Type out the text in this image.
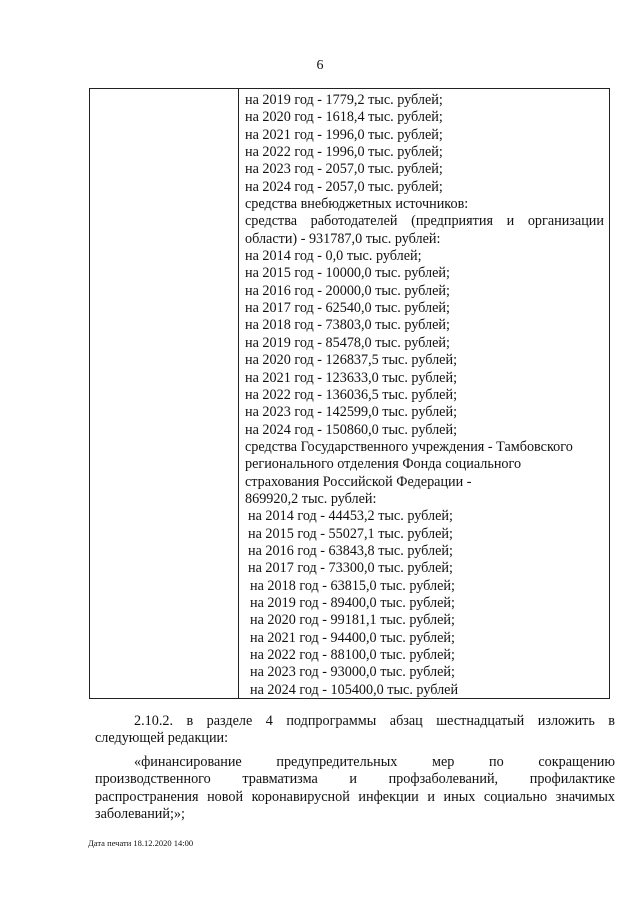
6
на 2019 год - 1779,2 тыс. рублей;
на 2020 год - 1618,4 тыс. рублей;
на 2021 год - 1996,0 тыс. рублей;
на 2022 год - 1996,0 тыс. рублей;
на 2023 год - 2057,0 тыс. рублей;
на 2024 год - 2057,0 тыс. рублей;
средства внебюджетных источников:
средства работодателей (предприятия и организации
области) - 931787,0 тыс. рублей:
на 2014 год - 0,0 тыс. рублей;
на 2015 год - 10000,0 тыс. рублей;
на 2016 год - 20000,0 тыс. рублей;
на 2017 год - 62540,0 тыс. рублей;
на 2018 год - 73803,0 тыс. рублей;
на 2019 год - 85478,0 тыс. рублей;
на 2020 год - 126837,5 тыс. рублей;
на 2021 год - 123633,0 тыс. рублей;
на 2022 год - 136036,5 тыс. рублей;
на 2023 год - 142599,0 тыс. рублей;
на 2024 год - 150860,0 тыс. рублей;
средства Государственного учреждения - Тамбовского
регионального отделения Фонда социального
страхования Российской Федерации -
869920,2 тыс. рублей:
на 2014 год - 44453,2 тыс. рублей;
на 2015 год - 55027,1 тыс. рублей;
на 2016 год - 63843,8 тыс. рублей;
на 2017 год - 73300,0 тыс. рублей;
на 2018 год - 63815,0 тыс. рублей;
на 2019 год - 89400,0 тыс. рублей;
на 2020 год - 99181,1 тыс. рублей;
на 2021 год - 94400,0 тыс. рублей;
на 2022 год - 88100,0 тыс. рублей;
на 2023 год - 93000,0 тыс. рублей;
на 2024 год - 105400,0 тыс. рублей
2.10.2. в разделе 4 подпрограммы абзац шестнадцатый изложить в
следующей редакции:
«финансирование предупредительных мер по сокращению
производственного травматизма и профзаболеваний, профилактике
распространения новой коронавирусной инфекции и иных социально значимых
заболеваний;»;
Дата печати 18.12.2020 14:00
